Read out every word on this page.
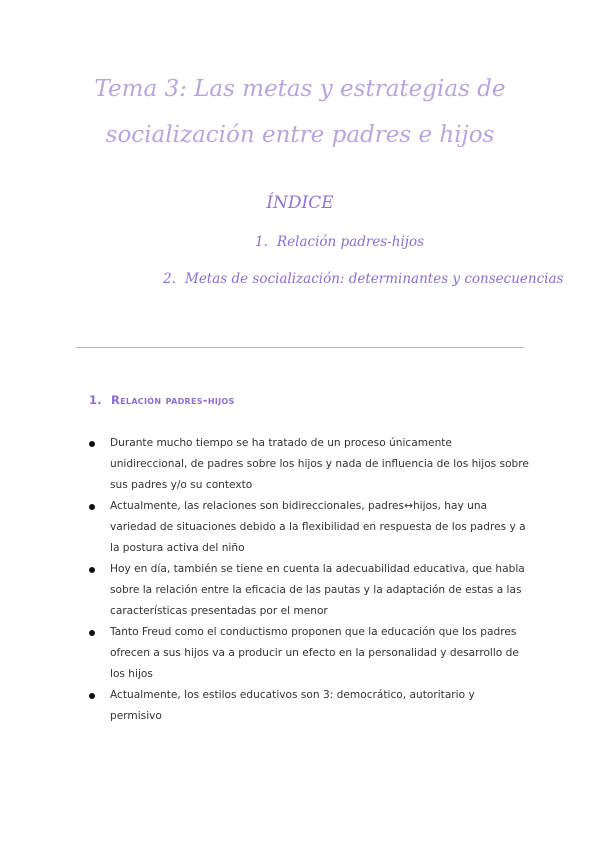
Tema 3: Las metas y estrategias de socialización entre padres e hijos
ÍNDICE
1. Relación padres-hijos
2. Metas de socialización: determinantes y consecuencias
1. Relación padres-hijos
Durante mucho tiempo se ha tratado de un proceso únicamente unidireccional, de padres sobre los hijos y nada de influencia de los hijos sobre sus padres y/o su contexto
Actualmente, las relaciones son bidireccionales, padres↔hijos, hay una variedad de situaciones debido a la flexibilidad en respuesta de los padres y a la postura activa del niño
Hoy en día, también se tiene en cuenta la adecuabilidad educativa, que habla sobre la relación entre la eficacia de las pautas y la adaptación de estas a las características presentadas por el menor
Tanto Freud como el conductismo proponen que la educación que los padres ofrecen a sus hijos va a producir un efecto en la personalidad y desarrollo de los hijos
Actualmente, los estilos educativos son 3: democrático, autoritario y permisivo
